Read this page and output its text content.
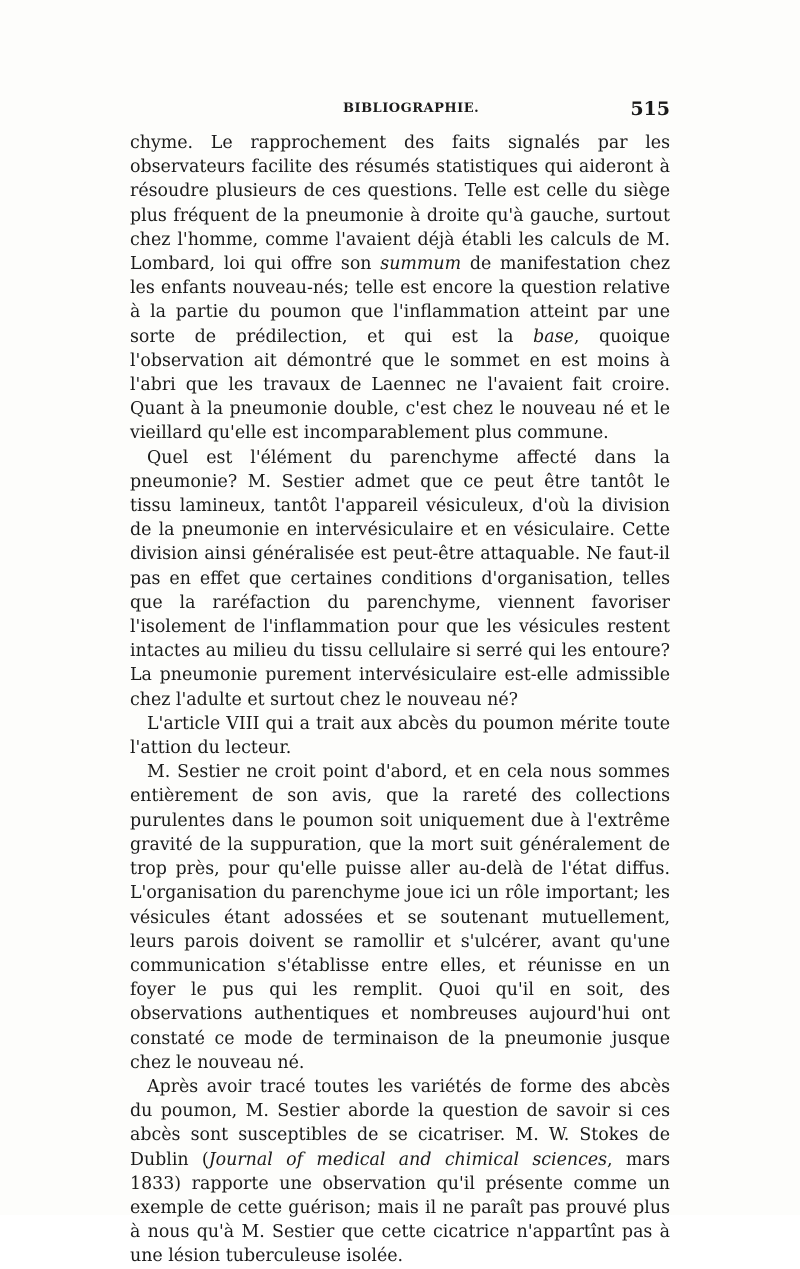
BIBLIOGRAPHIE.	515

chyme. Le rapprochement des faits signalés par les observateurs facilite des résumés statistiques qui aideront à résoudre plusieurs de ces questions. Telle est celle du siège plus fréquent de la pneumonie à droite qu'à gauche, surtout chez l'homme, comme l'avaient déjà établi les calculs de M. Lombard, loi qui offre son summum de manifestation chez les enfants nouveau-nés; telle est encore la question relative à la partie du poumon que l'inflammation atteint par une sorte de prédilection, et qui est la base, quoique l'observation ait démontré que le sommet en est moins à l'abri que les travaux de Laennec ne l'avaient fait croire. Quant à la pneumonie double, c'est chez le nouveau né et le vieillard qu'elle est incomparablement plus commune.

Quel est l'élément du parenchyme affecté dans la pneumonie? M. Sestier admet que ce peut être tantôt le tissu lamineux, tantôt l'appareil vésiculeux, d'où la division de la pneumonie en intervésiculaire et en vésiculaire. Cette division ainsi généralisée est peut-être attaquable. Ne faut-il pas en effet que certaines conditions d'organisation, telles que la raréfaction du parenchyme, viennent favoriser l'isolement de l'inflammation pour que les vésicules restent intactes au milieu du tissu cellulaire si serré qui les entoure? La pneumonie purement intervésiculaire est-elle admissible chez l'adulte et surtout chez le nouveau né?

L'article VIII qui a trait aux abcès du poumon mérite toute l'attion du lecteur.

M. Sestier ne croit point d'abord, et en cela nous sommes entièrement de son avis, que la rareté des collections purulentes dans le poumon soit uniquement due à l'extrême gravité de la suppuration, que la mort suit généralement de trop près, pour qu'elle puisse aller au-delà de l'état diffus. L'organisation du parenchyme joue ici un rôle important; les vésicules étant adossées et se soutenant mutuellement, leurs parois doivent se ramollir et s'ulcérer, avant qu'une communication s'établisse entre elles, et réunisse en un foyer le pus qui les remplit. Quoi qu'il en soit, des observations authentiques et nombreuses aujourd'hui ont constaté ce mode de terminaison de la pneumonie jusque chez le nouveau né.

Après avoir tracé toutes les variétés de forme des abcès du poumon, M. Sestier aborde la question de savoir si ces abcès sont susceptibles de se cicatriser. M. W. Stokes de Dublin (Journal of medical and chimical sciences, mars 1833) rapporte une observation qu'il présente comme un exemple de cette guérison; mais il ne paraît pas prouvé plus à nous qu'à M. Sestier que cette cicatrice n'appartînt pas à une lésion tuberculeuse isolée.
